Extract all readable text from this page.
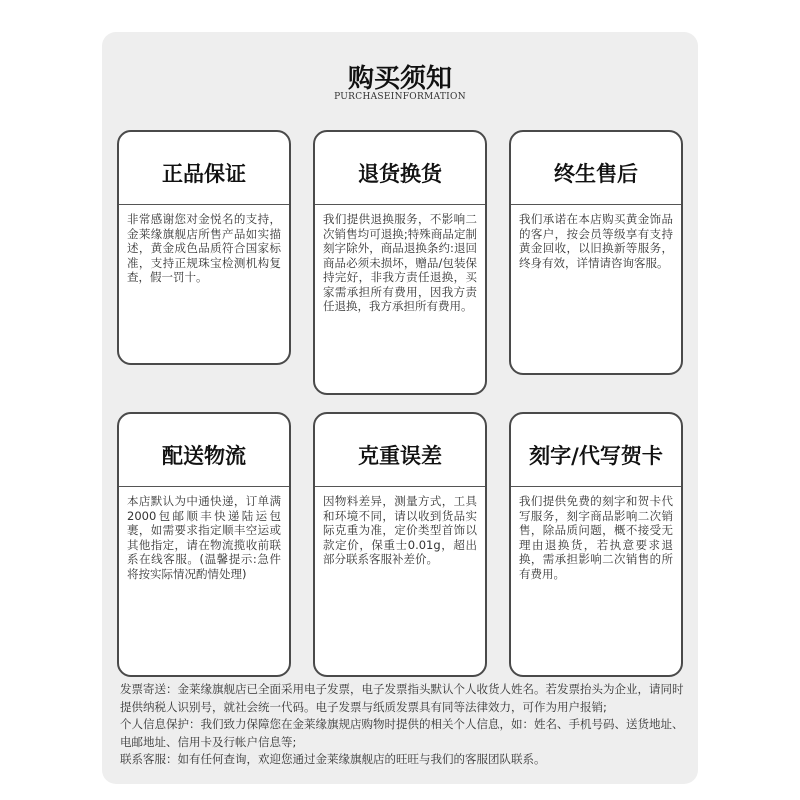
购买须知
PURCHASEINFORMATION
正品保证
非常感谢您对金悦名的支持，金莱缘旗舰店所售产品如实描述，黄金成色品质符合国家标准，支持正规珠宝检测机构复查，假一罚十。
退货换货
我们提供退换服务，不影响二次销售均可退换;特殊商品定制刻字除外，商品退换条约:退回商品必须未损坏，赠品/包装保持完好，非我方责任退换，买家需承担所有费用，因我方责任退换，我方承担所有费用。
终生售后
我们承诺在本店购买黄金饰品的客户，按会员等级享有支持黄金回收，以旧换新等服务，终身有效，详情请咨询客服。
配送物流
本店默认为中通快递，订单满2000包邮顺丰快递陆运包裹，如需要求指定顺丰空运或其他指定，请在物流揽收前联系在线客服。(温馨提示:急件将按实际情况酌情处理)
克重误差
因物料差异，测量方式，工具和环境不同，请以收到货品实际克重为准，定价类型首饰以款定价，保重士0.01g，超出部分联系客服补差价。
刻字/代写贺卡
我们提供免费的刻字和贺卡代写服务，刻字商品影响二次销售，除品质问题，概不接受无理由退换货，若执意要求退换，需承担影响二次销售的所有费用。

发票寄送：金莱缘旗舰店已全面采用电子发票，电子发票指头默认个人收货人姓名。若发票抬头为企业，请同时提供纳税人识别号，就社会统一代码。电子发票与纸质发票具有同等法律效力，可作为用户报销;

个人信息保护：我们致力保障您在金莱缘旗规店购物时提供的相关个人信息，如：姓名、手机号码、送货地址、电邮地址、信用卡及行帐户信息等;

联系客服：如有任何查询，欢迎您通过金莱缘旗舰店的旺旺与我们的客服团队联系。
